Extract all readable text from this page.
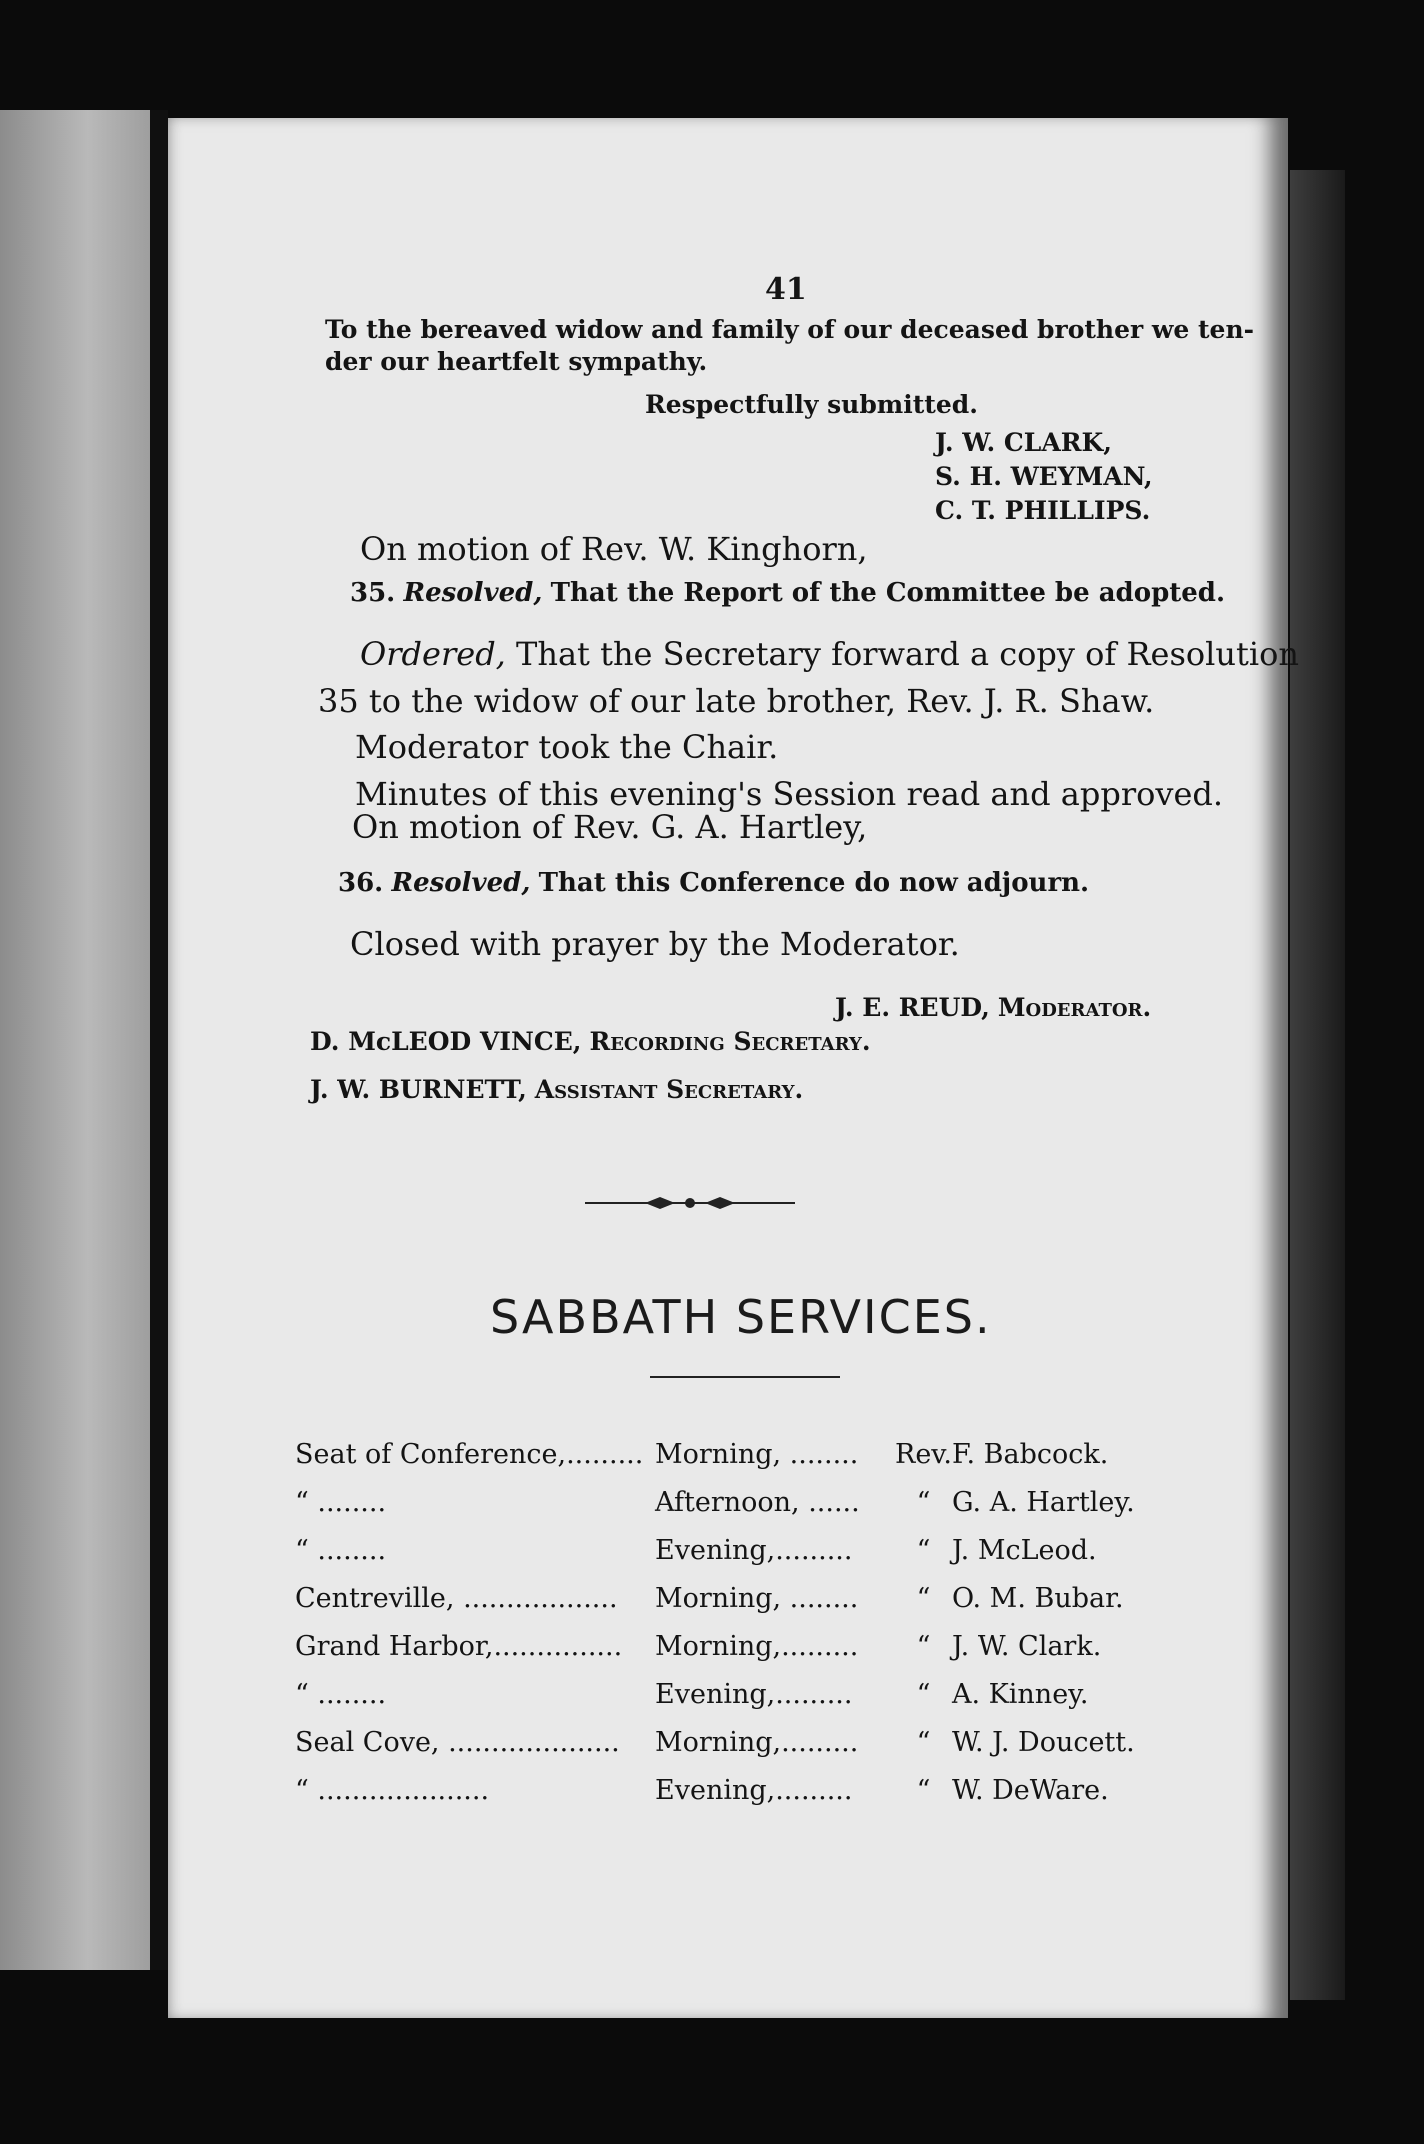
41
To the bereaved widow and family of our deceased brother we ten-
der our heartfelt sympathy.
Respectfully submitted.
J. W. CLARK,
S. H. WEYMAN,
C. T. PHILLIPS.
On motion of Rev. W. Kinghorn,
35. Resolved, That the Report of the Committee be adopted.
Ordered, That the Secretary forward a copy of Resolution
35 to the widow of our late brother, Rev. J. R. Shaw.
Moderator took the Chair.
Minutes of this evening's Session read and approved.
On motion of Rev. G. A. Hartley,
36. Resolved, That this Conference do now adjourn.
Closed with prayer by the Moderator.
J. E. REUD, Moderator.
D. McLEOD VINCE, Recording Secretary.
J. W. BURNETT, Assistant Secretary.
SABBATH SERVICES.
Seat of Conference,.........	Morning, ........	Rev.	F. Babcock.
“ ........	Afternoon, ......	“	G. A. Hartley.
“ ........	Evening,.........	“	J. McLeod.
Centreville, ..................	Morning, ........	“	O. M. Bubar.
Grand Harbor,...............	Morning,.........	“	J. W. Clark.
“ ........	Evening,.........	“	A. Kinney.
Seal Cove, ....................	Morning,.........	“	W. J. Doucett.
“ ....................	Evening,.........	“	W. DeWare.
